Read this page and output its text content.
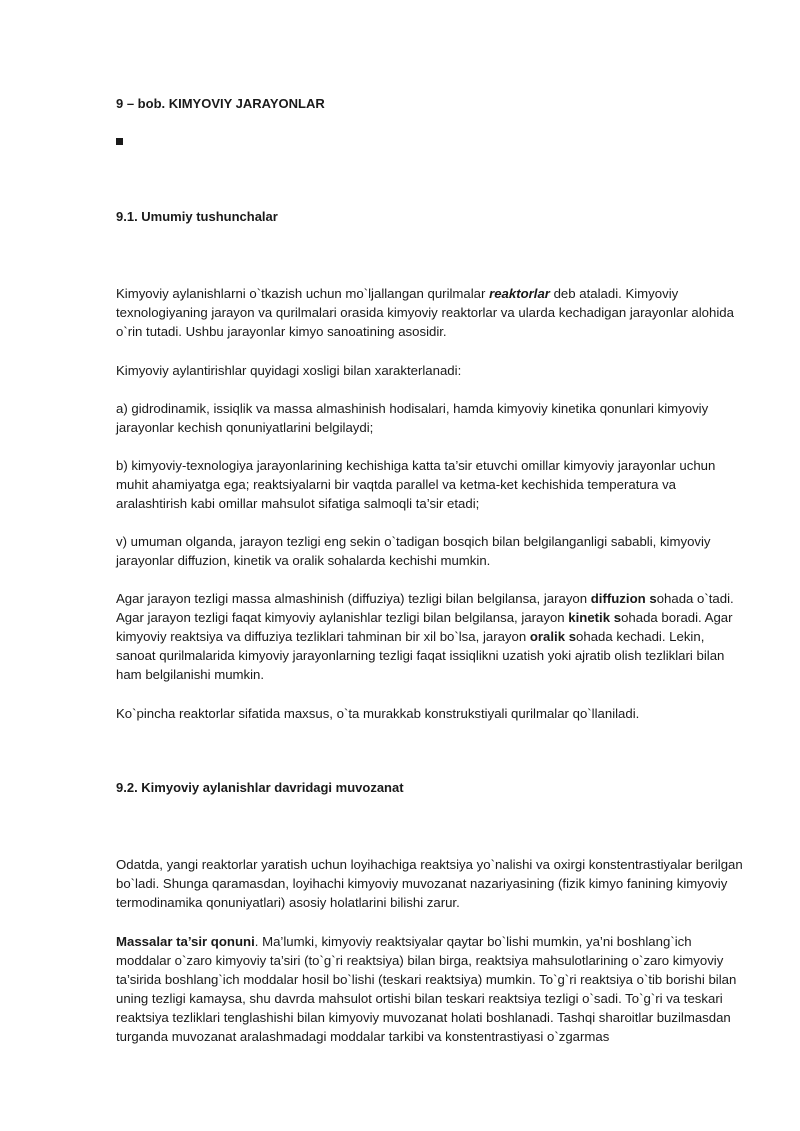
9 – bob. KIMYOVIY JARAYONLAR
9.1. Umumiy tushunchalar

Kimyoviy aylanishlarni o`tkazish uchun mo`ljallangan qurilmalar reaktorlar deb ataladi. Kimyoviy texnologiyaning jarayon va qurilmalari orasida kimyoviy reaktorlar va ularda kechadigan jarayonlar alohida o`rin tutadi. Ushbu jarayonlar kimyo sanoatining asosidir.

Kimyoviy aylantirishlar quyidagi xosligi bilan xarakterlanadi:

a) gidrodinamik, issiqlik va massa almashinish hodisalari, hamda kimyoviy kinetika qonunlari kimyoviy jarayonlar kechish qonuniyatlarini belgilaydi;

b) kimyoviy-texnologiya jarayonlarining kechishiga katta ta’sir etuvchi omillar kimyoviy jarayonlar uchun muhit ahamiyatga ega; reaktsiyalarni bir vaqtda parallel va ketma-ket kechishida temperatura va aralashtirish kabi omillar mahsulot sifatiga salmoqli ta’sir etadi;

v) umuman olganda, jarayon tezligi eng sekin o`tadigan bosqich bilan belgilanganligi sababli, kimyoviy jarayonlar diffuzion, kinetik va oralik sohalarda kechishi mumkin.

Agar jarayon tezligi massa almashinish (diffuziya) tezligi bilan belgilansa, jarayon diffuzion sohada o`tadi. Agar jarayon tezligi faqat kimyoviy aylanishlar tezligi bilan belgilansa, jarayon kinetik sohada boradi. Agar kimyoviy reaktsiya va diffuziya tezliklari tahminan bir xil bo`lsa, jarayon oralik sohada kechadi. Lekin, sanoat qurilmalarida kimyoviy jarayonlarning tezligi faqat issiqlikni uzatish yoki ajratib olish tezliklari bilan ham belgilanishi mumkin.

Ko`pincha reaktorlar sifatida maxsus, o`ta murakkab konstrukstiyali qurilmalar qo`llaniladi.

9.2. Kimyoviy aylanishlar davridagi muvozanat

Odatda, yangi reaktorlar yaratish uchun loyihachiga reaktsiya yo`nalishi va oxirgi konstentrastiyalar berilgan bo`ladi. Shunga qaramasdan, loyihachi kimyoviy muvozanat nazariyasining (fizik kimyo fanining kimyoviy termodinamika qonuniyatlari) asosiy holatlarini bilishi zarur.

Massalar ta’sir qonuni. Ma’lumki, kimyoviy reaktsiyalar qaytar bo`lishi mumkin, ya’ni boshlang`ich moddalar o`zaro kimyoviy ta’siri (to`g`ri reaktsiya) bilan birga, reaktsiya mahsulotlarining o`zaro kimyoviy ta’sirida boshlang`ich moddalar hosil bo`lishi (teskari reaktsiya) mumkin. To`g`ri reaktsiya o`tib borishi bilan uning tezligi kamaysa, shu davrda mahsulot ortishi bilan teskari reaktsiya tezligi o`sadi. To`g`ri va teskari reaktsiya tezliklari tenglashishi bilan kimyoviy muvozanat holati boshlanadi. Tashqi sharoitlar buzilmasdan turganda muvozanat aralashmadagi moddalar tarkibi va konstentrastiyasi o`zgarmas
